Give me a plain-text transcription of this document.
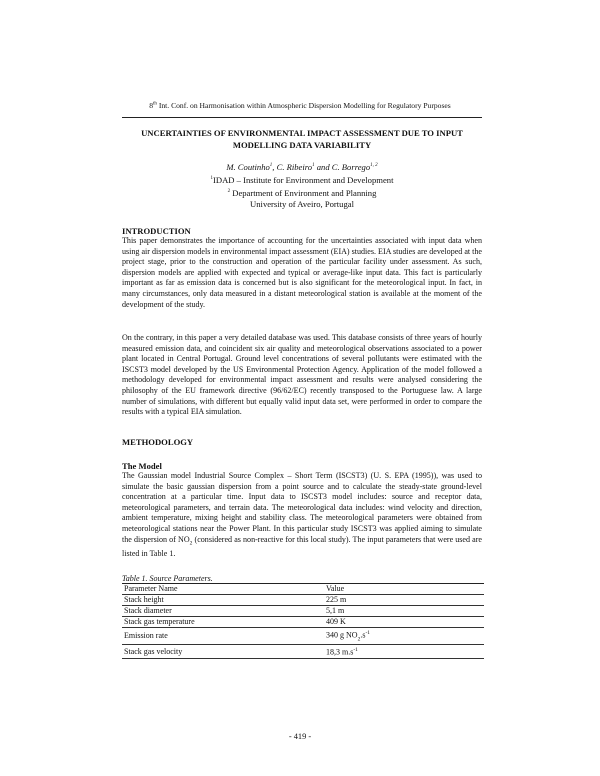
8th Int. Conf. on Harmonisation within Atmospheric Dispersion Modelling for Regulatory Purposes
UNCERTAINTIES OF ENVIRONMENTAL IMPACT ASSESSMENT DUE TO INPUT
MODELLING DATA VARIABILITY
M. Coutinho$^1$, C. Ribeiro$^1$ and C. Borrego$^{1, 2}$
$^1$IDAD – Institute for Environment and Development
$^2$ Department of Environment and Planning
University of Aveiro, Portugal

INTRODUCTION

This paper demonstrates the importance of accounting for the uncertainties associated with input data when using air dispersion models in environmental impact assessment (EIA) studies. EIA studies are developed at the project stage, prior to the construction and operation of the particular facility under assessment. As such, dispersion models are applied with expected and typical or average-like input data. This fact is particularly important as far as emission data is concerned but is also significant for the meteorological input. In fact, in many circumstances, only data measured in a distant meteorological station is available at the moment of the development of the study.

On the contrary, in this paper a very detailed database was used. This database consists of three years of hourly measured emission data, and coincident six air quality and meteorological observations associated to a power plant located in Central Portugal. Ground level concentrations of several pollutants were estimated with the ISCST3 model developed by the US Environmental Protection Agency. Application of the model followed a methodology developed for environmental impact assessment and results were analysed considering the philosophy of the EU framework directive (96/62/EC) recently transposed to the Portuguese law. A large number of simulations, with different but equally valid input data set, were performed in order to compare the results with a typical EIA simulation.

METHODOLOGY

The Model

The Gaussian model Industrial Source Complex – Short Term (ISCST3) (U. S. EPA (1995)), was used to simulate the basic gaussian dispersion from a point source and to calculate the steady-state ground-level concentration at a particular time. Input data to ISCST3 model includes: source and receptor data, meteorological parameters, and terrain data. The meteorological data includes: wind velocity and direction, ambient temperature, mixing height and stability class. The meteorological parameters were obtained from meteorological stations near the Power Plant. In this particular study ISCST3 was applied aiming to simulate the dispersion of $NO_2$ (considered as non-reactive for this local study). The input parameters that were used are listed in Table 1.

Table 1. Source Parameters.

Parameter Name	Value
Stack height	225 m
Stack diameter	5,1 m
Stack gas temperature	409 K
Emission rate	340 g $NO_2.s^{-1}$
Stack gas velocity	18,3 $m.s^{-1}$
- 419 -
